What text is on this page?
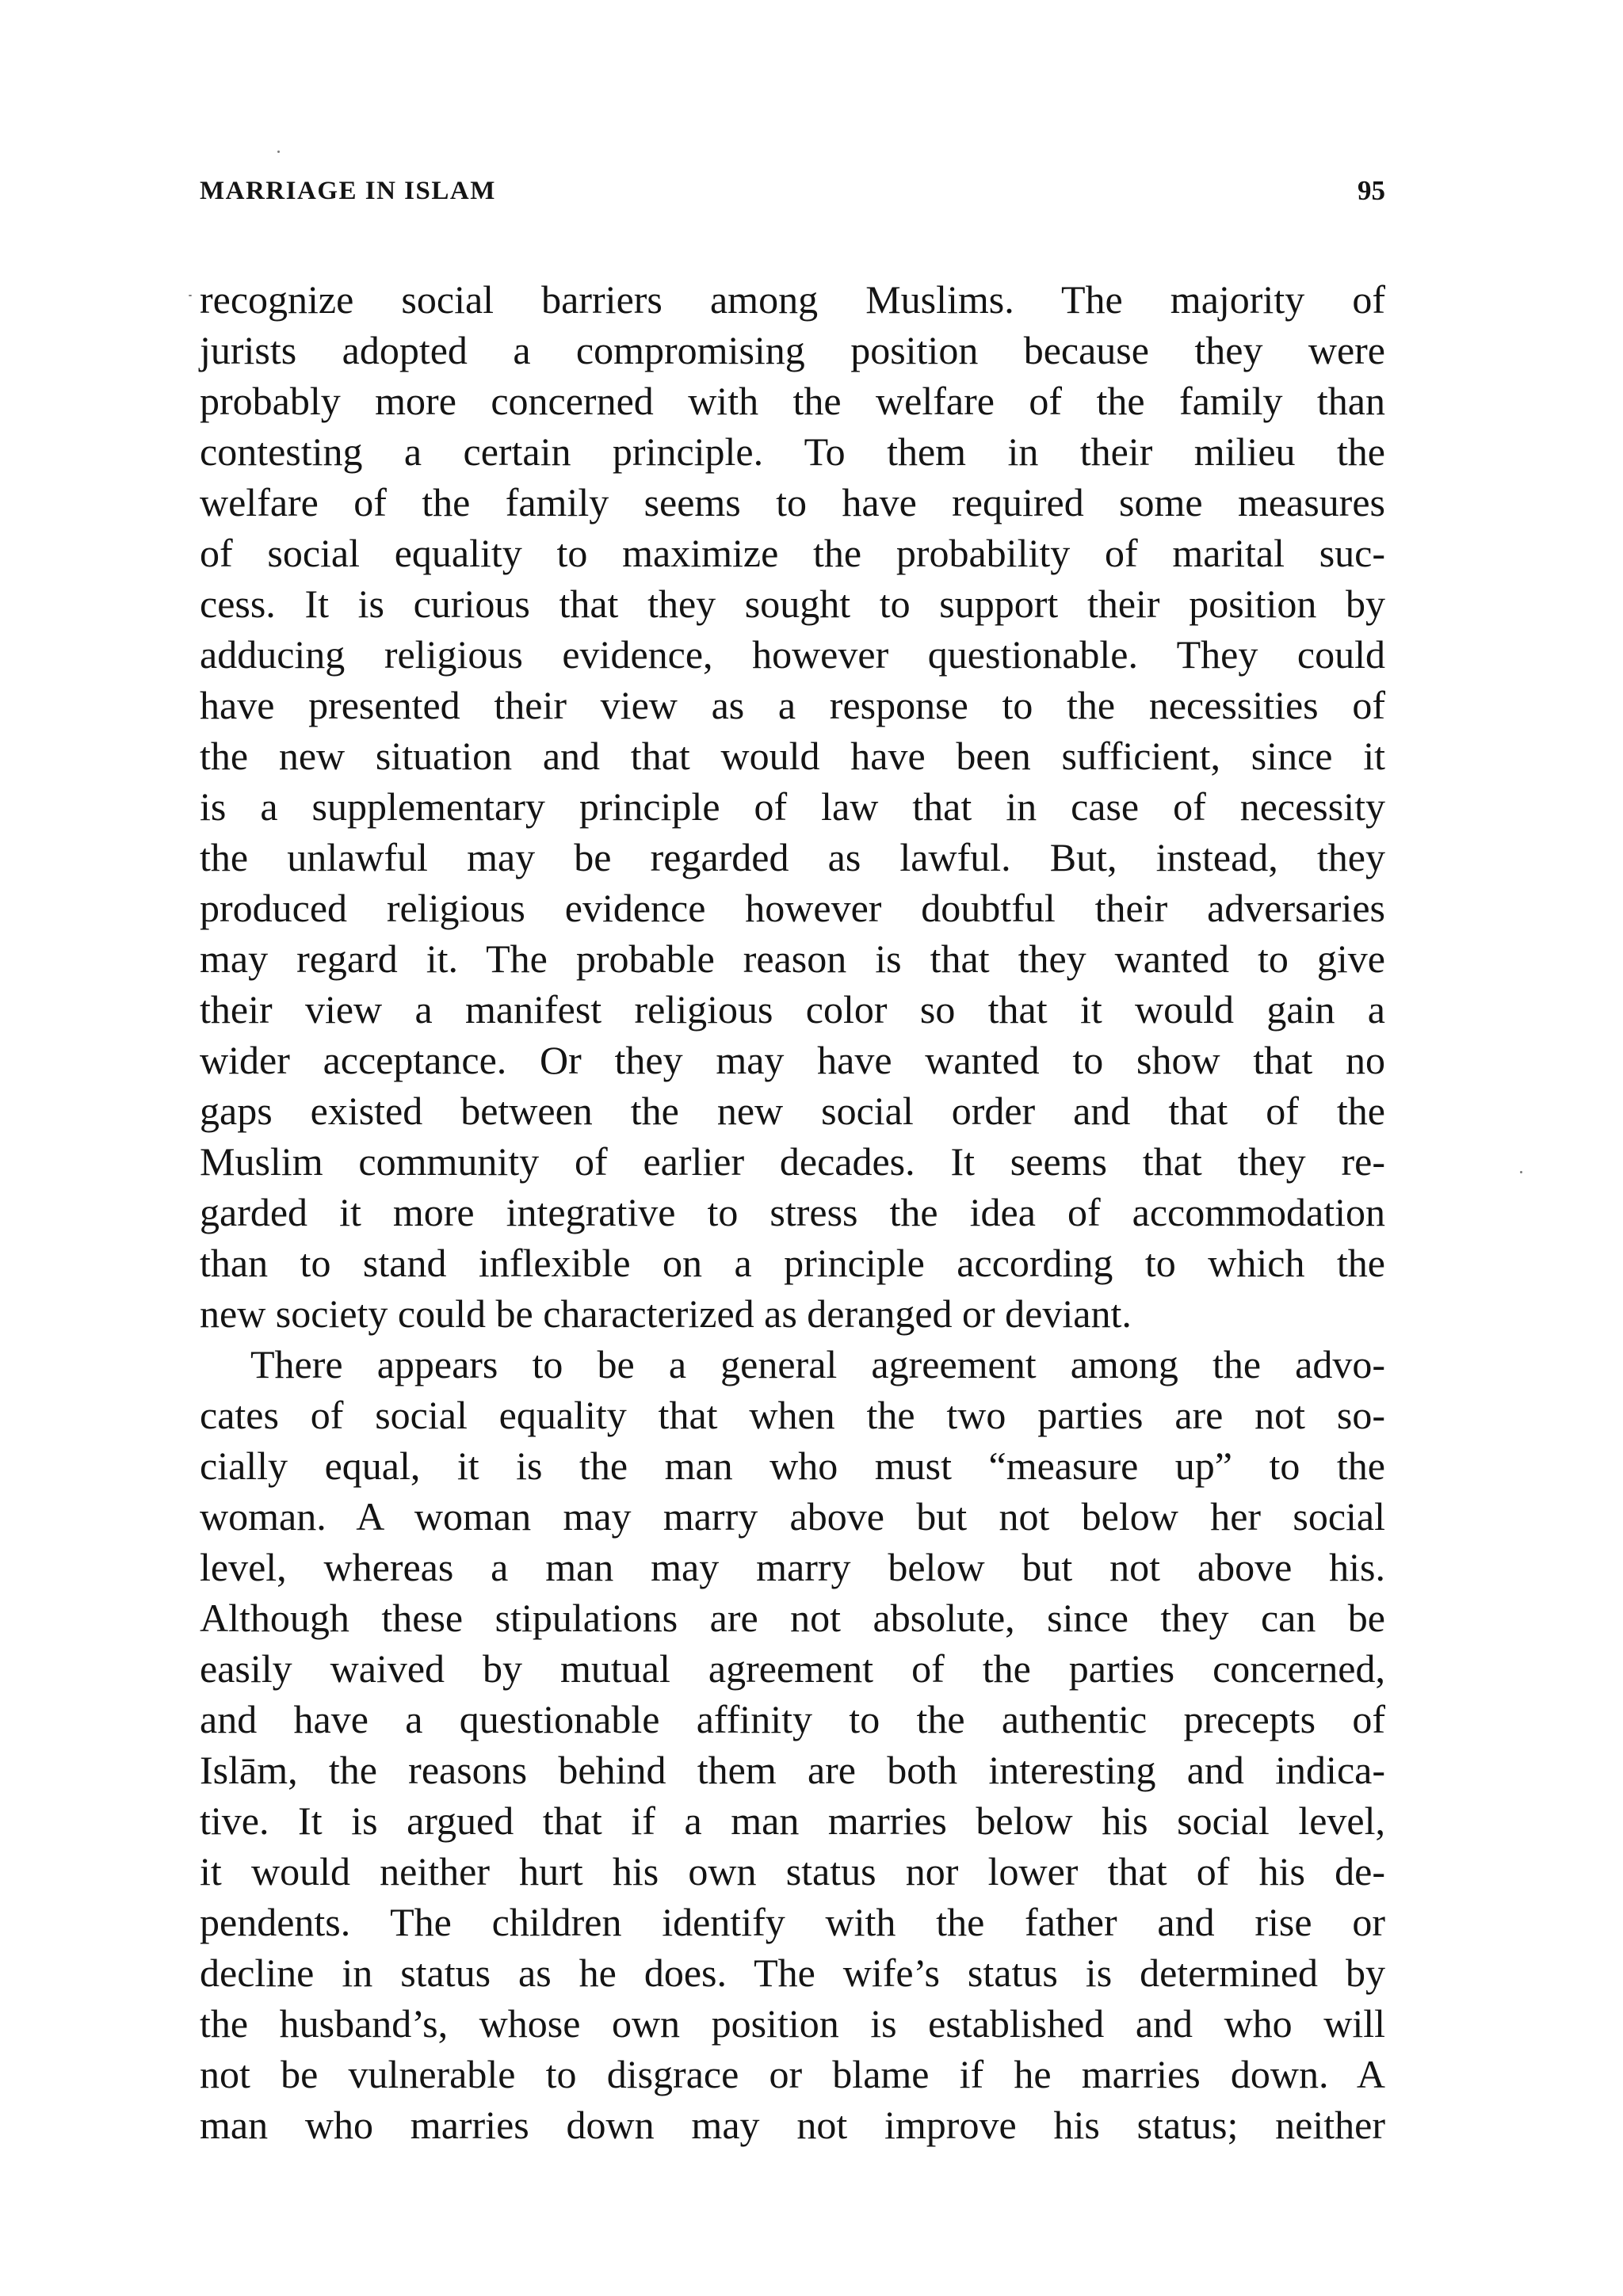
MARRIAGE IN ISLAM	95
recognize social barriers among Muslims. The majority of
jurists adopted a compromising position because they were
probably more concerned with the welfare of the family than
contesting a certain principle. To them in their milieu the
welfare of the family seems to have required some measures
of social equality to maximize the probability of marital suc-
cess. It is curious that they sought to support their position by
adducing religious evidence, however questionable. They could
have presented their view as a response to the necessities of
the new situation and that would have been sufficient, since it
is a supplementary principle of law that in case of necessity
the unlawful may be regarded as lawful. But, instead, they
produced religious evidence however doubtful their adversaries
may regard it. The probable reason is that they wanted to give
their view a manifest religious color so that it would gain a
wider acceptance. Or they may have wanted to show that no
gaps existed between the new social order and that of the
Muslim community of earlier decades. It seems that they re-
garded it more integrative to stress the idea of accommodation
than to stand inflexible on a principle according to which the
new society could be characterized as deranged or deviant.
There appears to be a general agreement among the advo-
cates of social equality that when the two parties are not so-
cially equal, it is the man who must “measure up” to the
woman. A woman may marry above but not below her social
level, whereas a man may marry below but not above his.
Although these stipulations are not absolute, since they can be
easily waived by mutual agreement of the parties concerned,
and have a questionable affinity to the authentic precepts of
Islām, the reasons behind them are both interesting and indica-
tive. It is argued that if a man marries below his social level,
it would neither hurt his own status nor lower that of his de-
pendents. The children identify with the father and rise or
decline in status as he does. The wife’s status is determined by
the husband’s, whose own position is established and who will
not be vulnerable to disgrace or blame if he marries down. A
man who marries down may not improve his status; neither
